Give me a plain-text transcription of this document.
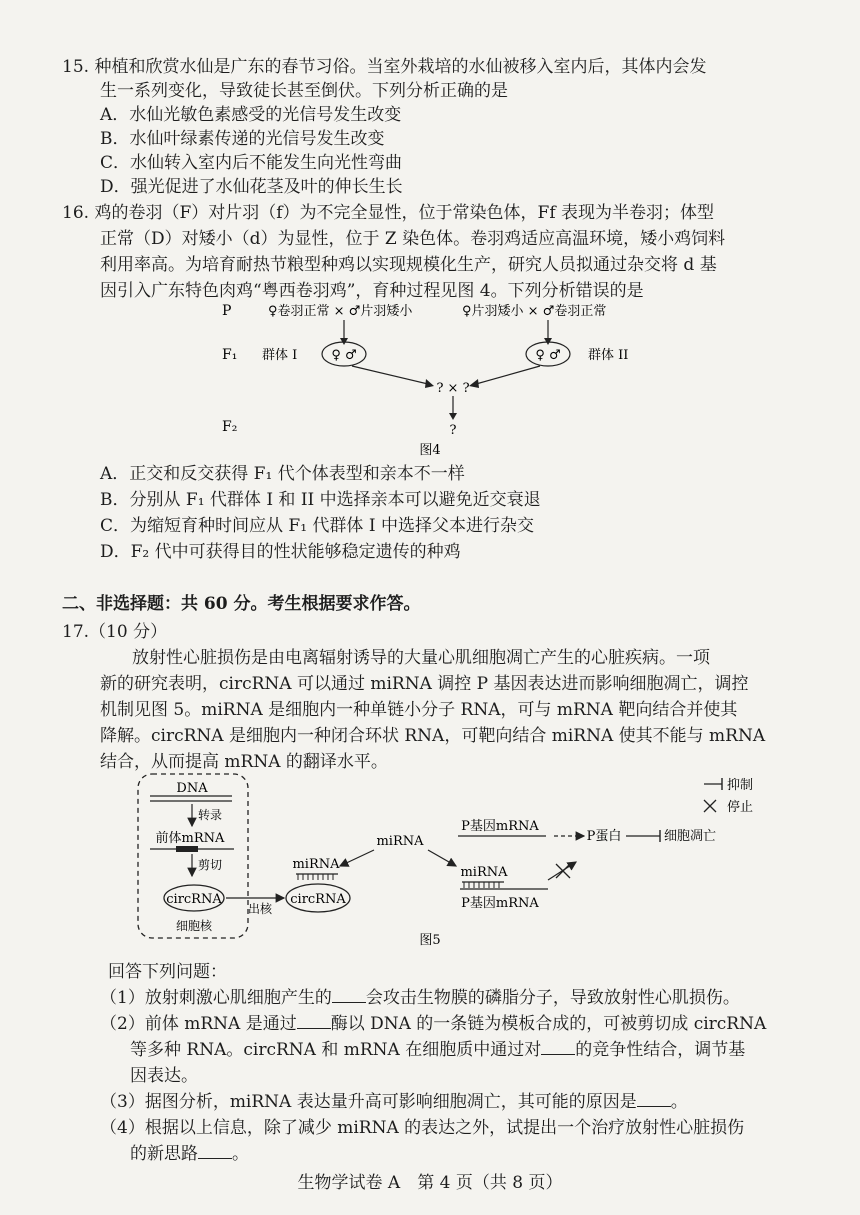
15. 种植和欣赏水仙是广东的春节习俗。当室外栽培的水仙被移入室内后，其体内会发
生一系列变化，导致徒长甚至倒伏。下列分析正确的是
A．水仙光敏色素感受的光信号发生改变
B．水仙叶绿素传递的光信号发生改变
C．水仙转入室内后不能发生向光性弯曲
D．强光促进了水仙花茎及叶的伸长生长
16. 鸡的卷羽（F）对片羽（f）为不完全显性，位于常染色体，Ff 表现为半卷羽；体型
正常（D）对矮小（d）为显性，位于 Z 染色体。卷羽鸡适应高温环境，矮小鸡饲料
利用率高。为培育耐热节粮型种鸡以实现规模化生产，研究人员拟通过杂交将 d 基
因引入广东特色肉鸡“粤西卷羽鸡”，育种过程见图 4。下列分析错误的是
P	♀卷羽正常 × ♂片羽矮小	♀片羽矮小 × ♂卷羽正常
F₁ 群体 I	♀ ♂	♀ ♂ 群体 II
? × ?
?
F₂
图4
A．正交和反交获得 F₁ 代个体表型和亲本不一样
B．分别从 F₁ 代群体 I 和 II 中选择亲本可以避免近交衰退
C．为缩短育种时间应从 F₁ 代群体 I 中选择父本进行杂交
D．F₂ 代中可获得目的性状能够稳定遗传的种鸡
二、非选择题：共 60 分。考生根据要求作答。
17.（10 分）
放射性心脏损伤是由电离辐射诱导的大量心肌细胞凋亡产生的心脏疾病。一项
新的研究表明，circRNA 可以通过 miRNA 调控 P 基因表达进而影响细胞凋亡，调控
机制见图 5。miRNA 是细胞内一种单链小分子 RNA，可与 mRNA 靶向结合并使其
降解。circRNA 是细胞内一种闭合环状 RNA，可靶向结合 miRNA 使其不能与 mRNA
结合，从而提高 mRNA 的翻译水平。
DNA
转录
前体mRNA
剪切
circRNA
细胞核
出核
miRNA
circRNA
miRNA
P基因mRNA
P蛋白	细胞凋亡
miRNA
P基因mRNA
抑制
停止
图5
回答下列问题：
（1）放射刺激心肌细胞产生的 会攻击生物膜的磷脂分子，导致放射性心肌损伤。
（2）前体 mRNA 是通过 酶以 DNA 的一条链为模板合成的，可被剪切成 circRNA
等多种 RNA。circRNA 和 mRNA 在细胞质中通过对 的竞争性结合，调节基
因表达。
（3）据图分析，miRNA 表达量升高可影响细胞凋亡，其可能的原因是 。
（4）根据以上信息，除了减少 miRNA 的表达之外，试提出一个治疗放射性心脏损伤
的新思路 。
生物学试卷 A　第 4 页（共 8 页）
